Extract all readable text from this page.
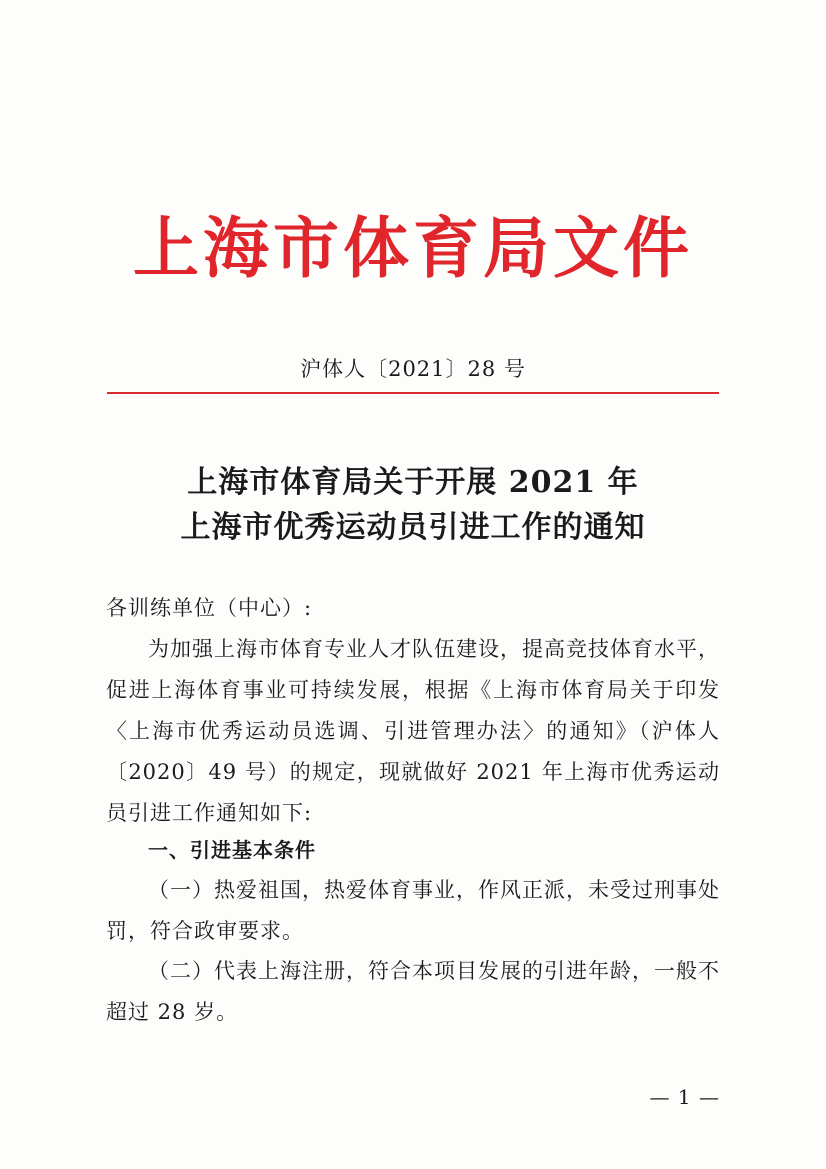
上海市体育局文件
沪体人〔2021〕28 号
上海市体育局关于开展 2021 年
上海市优秀运动员引进工作的通知
各训练单位（中心）:
为加强上海市体育专业人才队伍建设，提高竞技体育水平，促进上海体育事业可持续发展，根据《上海市体育局关于印发〈上海市优秀运动员选调、引进管理办法〉的通知》（沪体人〔2020〕49 号）的规定，现就做好 2021 年上海市优秀运动员引进工作通知如下:
一、引进基本条件
（一）热爱祖国，热爱体育事业，作风正派，未受过刑事处罚，符合政审要求。
（二）代表上海注册，符合本项目发展的引进年龄，一般不超过 28 岁。
— 1 —
